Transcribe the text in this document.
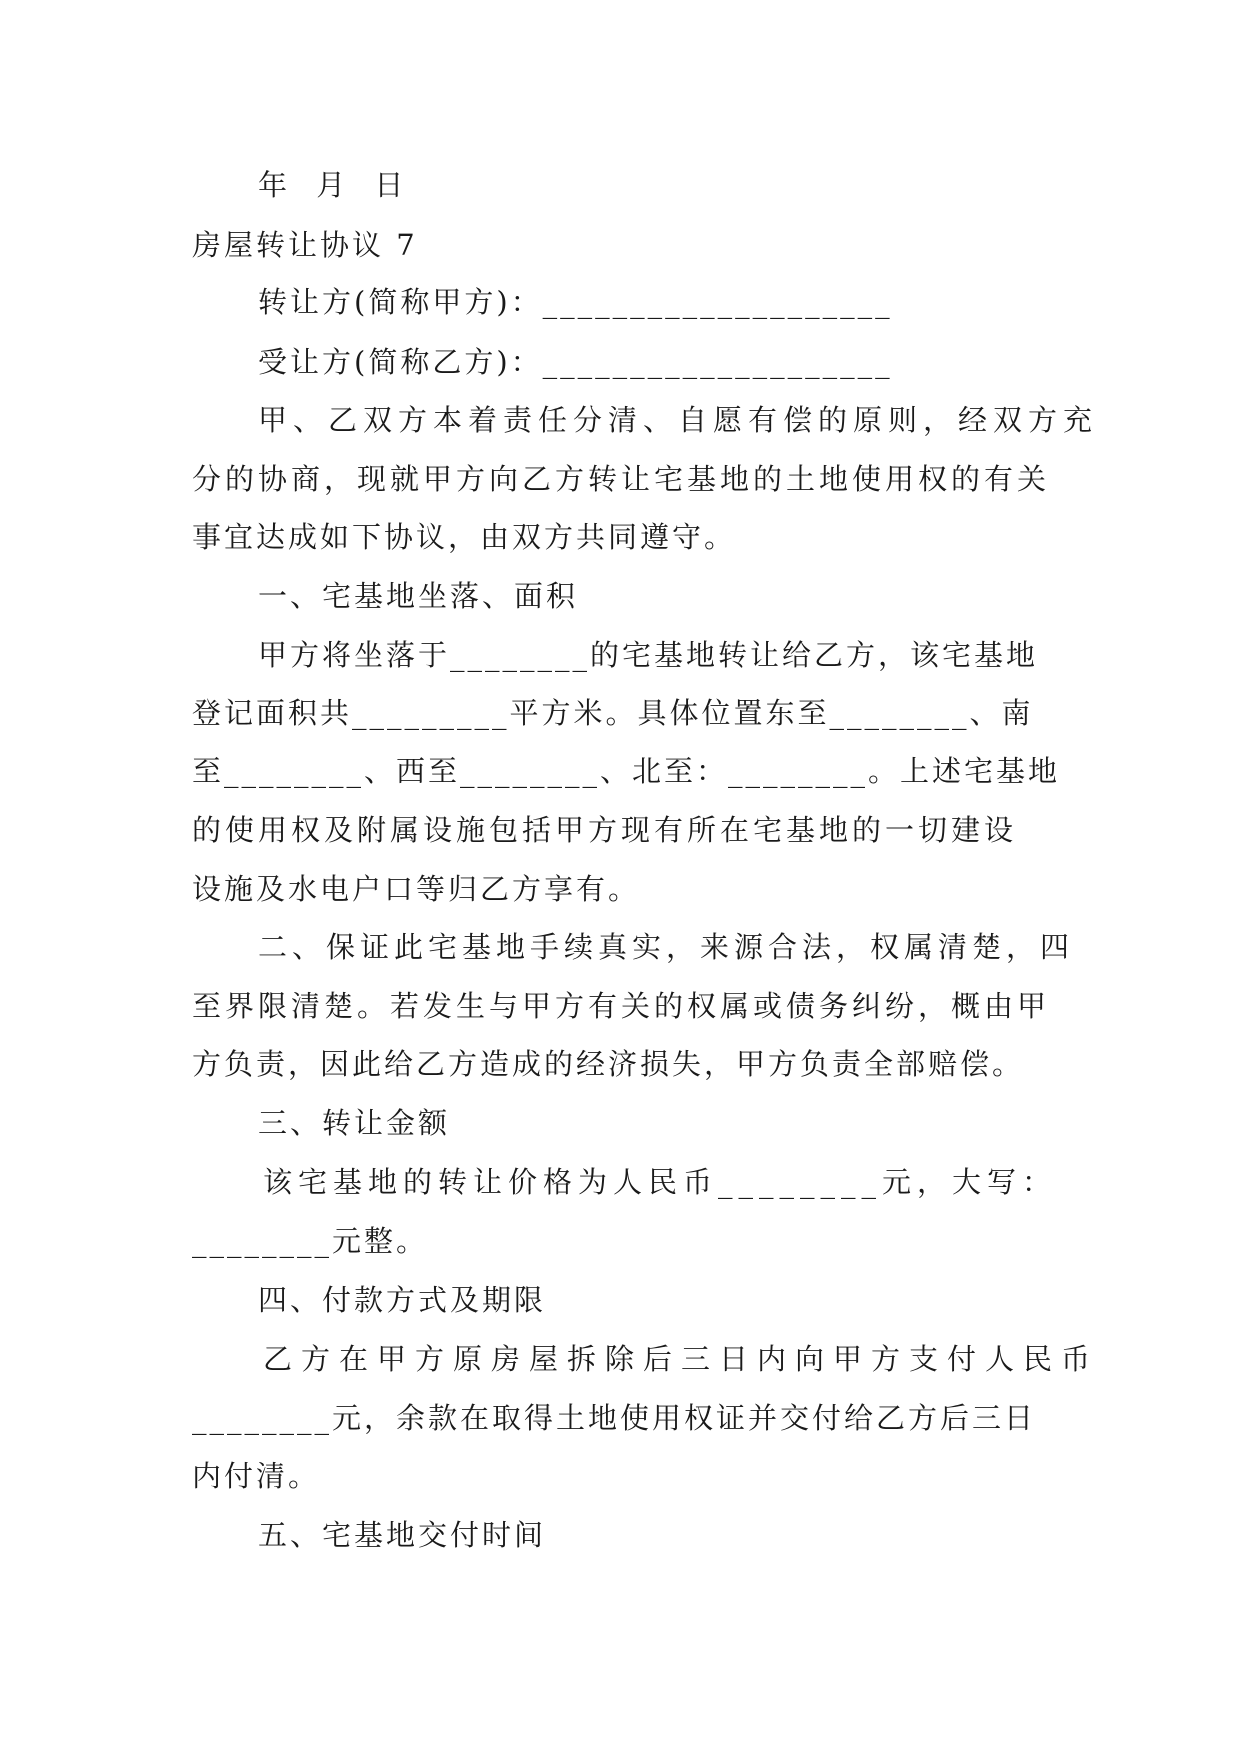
年 月 日
房屋转让协议 7
转让方(简称甲方)：____________________
受让方(简称乙方)：____________________
甲、乙双方本着责任分清、自愿有偿的原则，经双方充
分的协商，现就甲方向乙方转让宅基地的土地使用权的有关
事宜达成如下协议，由双方共同遵守。
一、宅基地坐落、面积
甲方将坐落于________的宅基地转让给乙方，该宅基地
登记面积共_________平方米。具体位置东至________、南
至________、西至________、北至：________。上述宅基地
的使用权及附属设施包括甲方现有所在宅基地的一切建设
设施及水电户口等归乙方享有。
二、保证此宅基地手续真实，来源合法，权属清楚，四
至界限清楚。若发生与甲方有关的权属或债务纠纷，概由甲
方负责，因此给乙方造成的经济损失，甲方负责全部赔偿。
三、转让金额
该宅基地的转让价格为人民币________元，大写：
________元整。
四、付款方式及期限
乙方在甲方原房屋拆除后三日内向甲方支付人民币
________元，余款在取得土地使用权证并交付给乙方后三日
内付清。
五、宅基地交付时间
